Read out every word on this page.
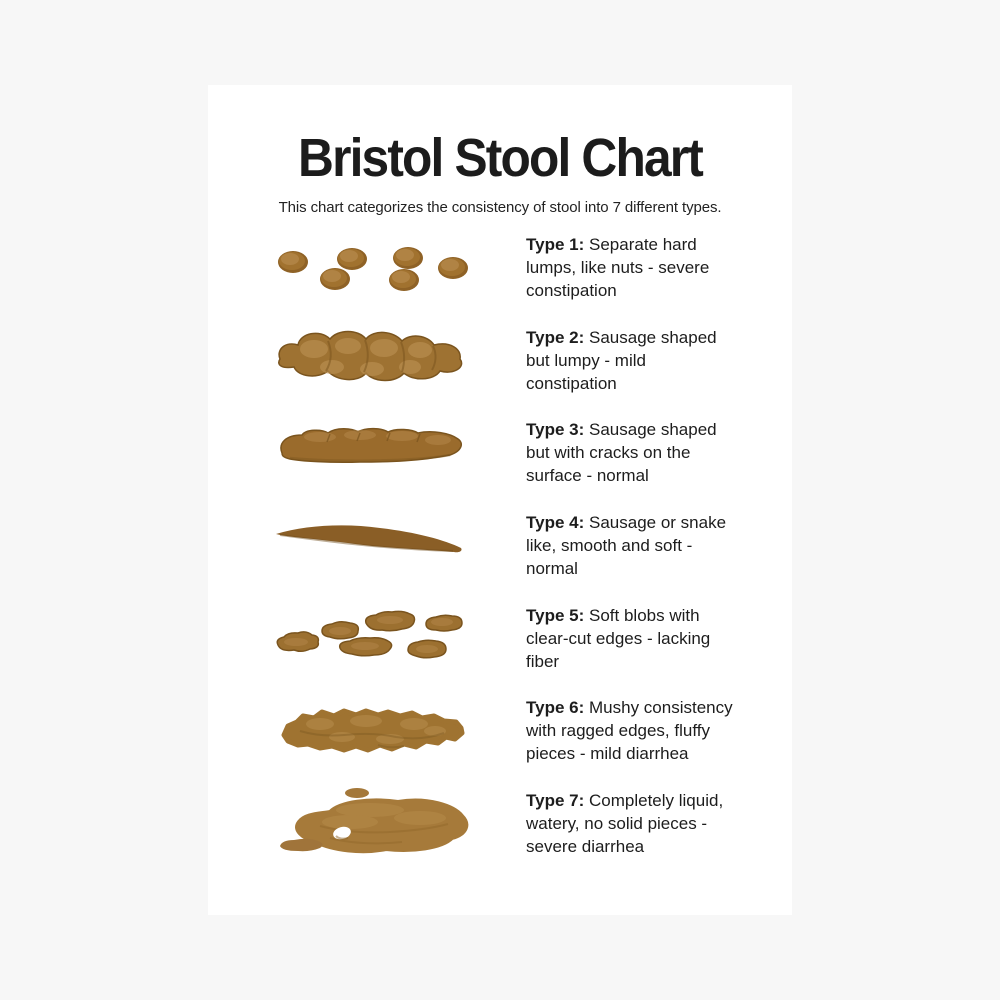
Bristol Stool Chart
This chart categorizes the consistency of stool into 7 different types.
Type 1: Separate hard lumps, like nuts - severe constipation
Type 2: Sausage shaped but lumpy - mild constipation
Type 3: Sausage shaped but with cracks on the surface - normal
Type 4: Sausage or snake like, smooth and soft - normal
Type 5: Soft blobs with clear-cut edges - lacking fiber
Type 6: Mushy consistency with ragged edges, fluffy pieces - mild diarrhea
Type 7: Completely liquid, watery, no solid pieces - severe diarrhea
